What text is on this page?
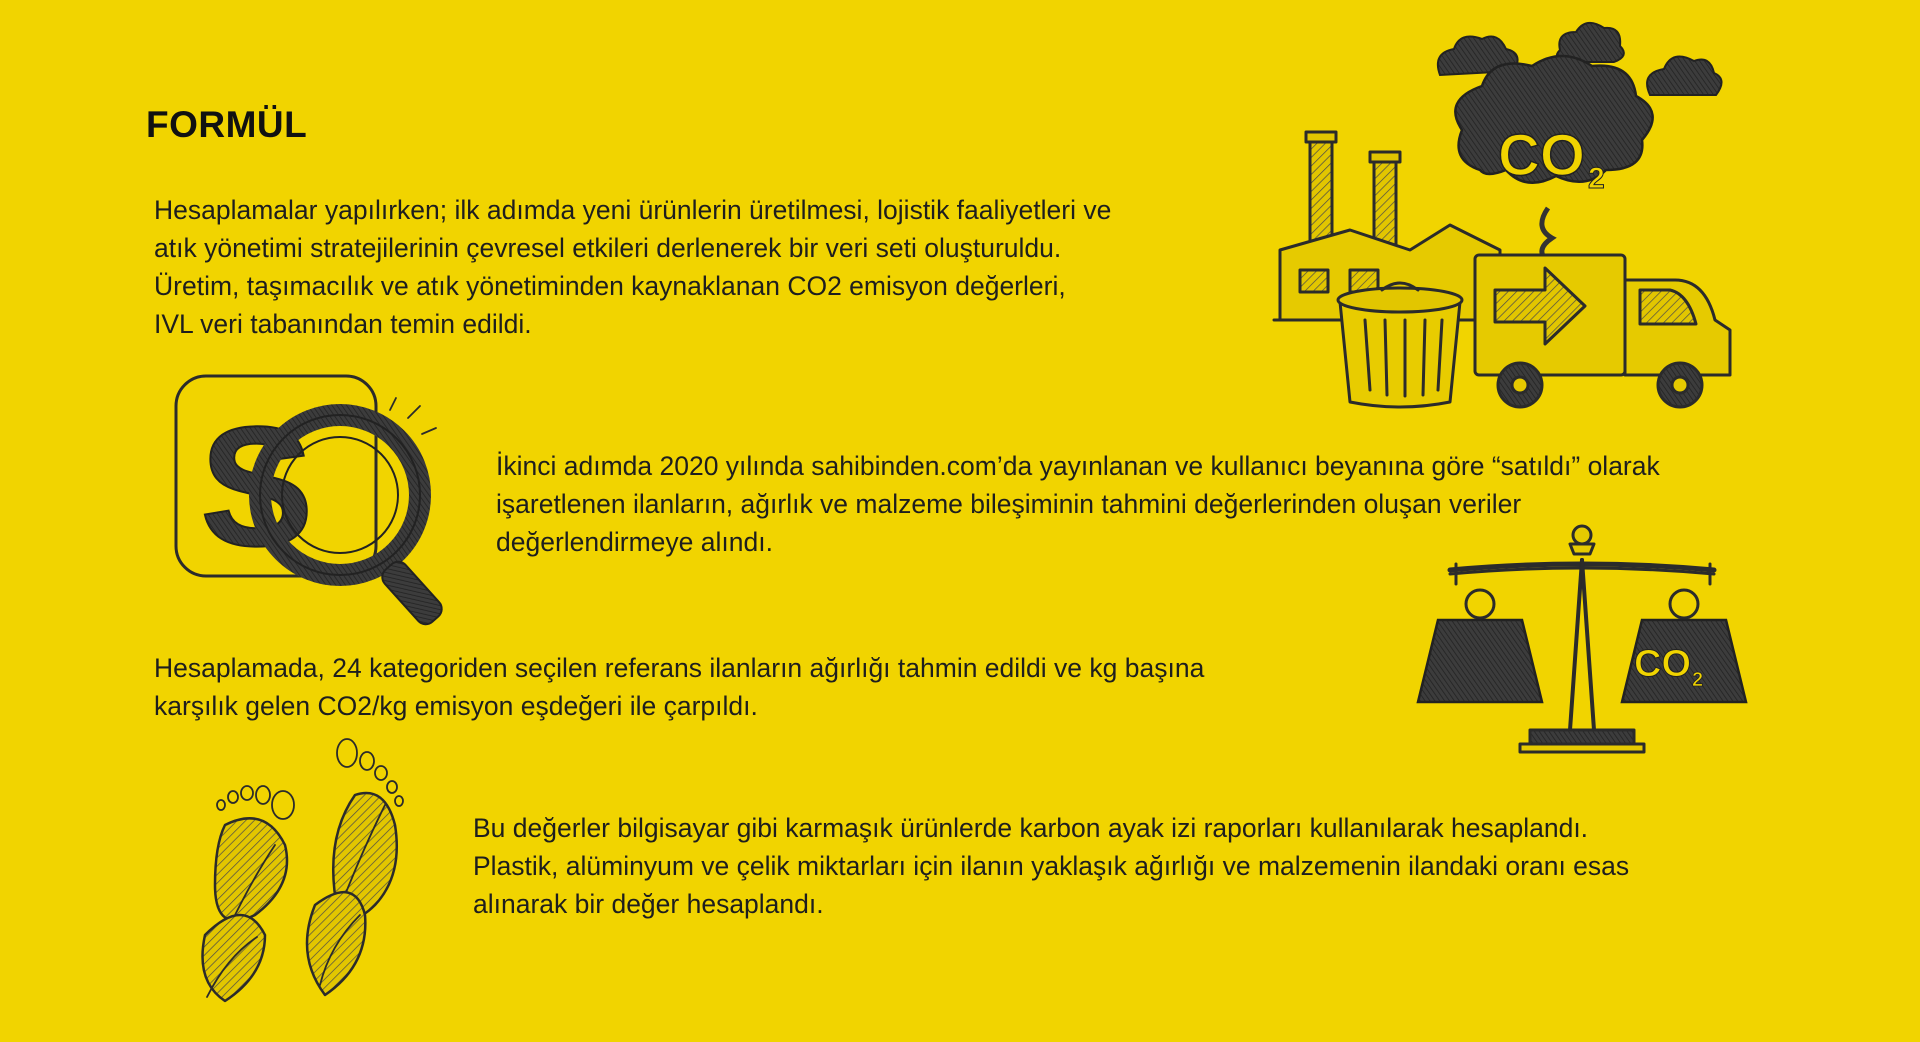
FORMÜL
Hesaplamalar yapılırken; ilk adımda yeni ürünlerin üretilmesi, lojistik faaliyetleri ve
atık yönetimi stratejilerinin çevresel etkileri derlenerek bir veri seti oluşturuldu.
Üretim, taşımacılık ve atık yönetiminden kaynaklanan CO2 emisyon değerleri,
IVL veri tabanından temin edildi.
İkinci adımda 2020 yılında sahibinden.com’da yayınlanan ve kullanıcı beyanına göre “satıldı” olarak
işaretlenen ilanların, ağırlık ve malzeme bileşiminin tahmini değerlerinden oluşan veriler
değerlendirmeye alındı.
Hesaplamada, 24 kategoriden seçilen referans ilanların ağırlığı tahmin edildi ve kg başına
karşılık gelen CO2/kg emisyon eşdeğeri ile çarpıldı.
Bu değerler bilgisayar gibi karmaşık ürünlerde karbon ayak izi raporları kullanılarak hesaplandı.
Plastik, alüminyum ve çelik miktarları için ilanın yaklaşık ağırlığı ve malzemenin ilandaki oranı esas
alınarak bir değer hesaplandı.
CO 2
S
CO 2
